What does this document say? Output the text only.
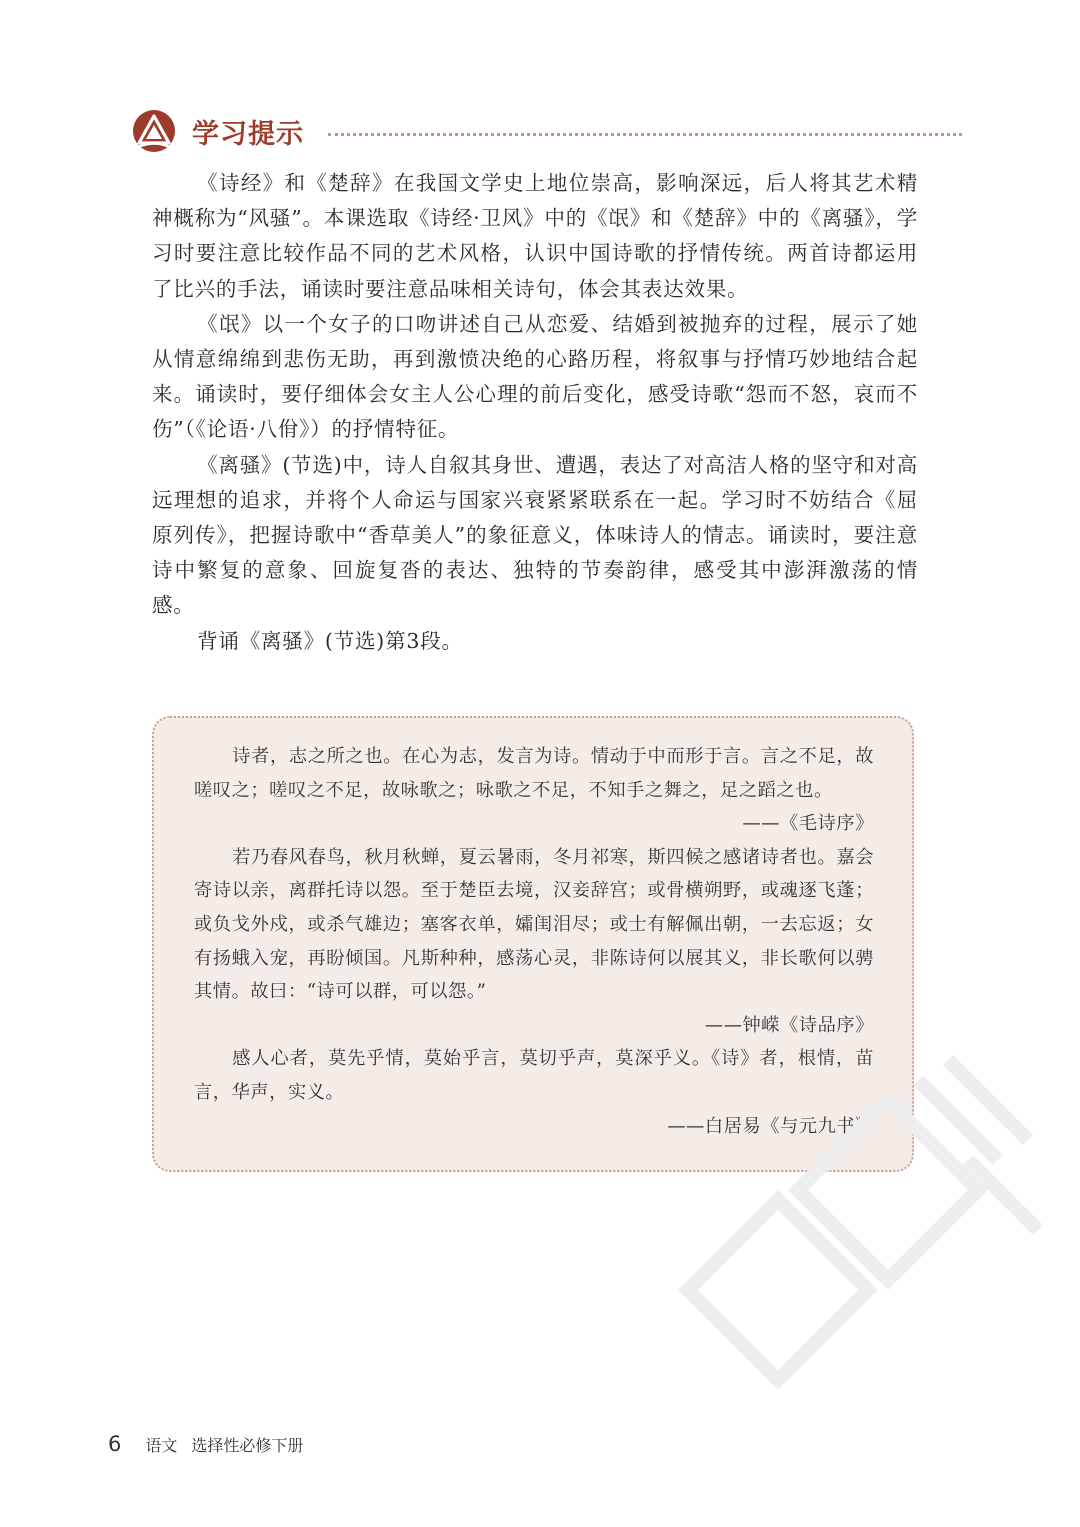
学习提示

《诗经》和《楚辞》在我国文学史上地位崇高，影响深远，后人将其艺术精神概称为“风骚”。本课选取《诗经·卫风》中的《氓》和《楚辞》中的《离骚》，学习时要注意比较作品不同的艺术风格，认识中国诗歌的抒情传统。两首诗都运用了比兴的手法，诵读时要注意品味相关诗句，体会其表达效果。

《氓》以一个女子的口吻讲述自己从恋爱、结婚到被抛弃的过程，展示了她从情意绵绵到悲伤无助，再到激愤决绝的心路历程，将叙事与抒情巧妙地结合起来。诵读时，要仔细体会女主人公心理的前后变化，感受诗歌“怨而不怒，哀而不伤”（《论语·八佾》）的抒情特征。

《离骚》(节选)中，诗人自叙其身世、遭遇，表达了对高洁人格的坚守和对高远理想的追求，并将个人命运与国家兴衰紧紧联系在一起。学习时不妨结合《屈原列传》，把握诗歌中“香草美人”的象征意义，体味诗人的情志。诵读时，要注意诗中繁复的意象、回旋复沓的表达、独特的节奏韵律，感受其中澎湃激荡的情感。

背诵《离骚》(节选)第3段。

诗者，志之所之也。在心为志，发言为诗。情动于中而形于言。言之不足，故嗟叹之；嗟叹之不足，故咏歌之；咏歌之不足，不知手之舞之，足之蹈之也。

——《毛诗序》

若乃春风春鸟，秋月秋蝉，夏云暑雨，冬月祁寒，斯四候之感诸诗者也。嘉会寄诗以亲，离群托诗以怨。至于楚臣去境，汉妾辞宫；或骨横朔野，或魂逐飞蓬；或负戈外戍，或杀气雄边；塞客衣单，孀闺泪尽；或士有解佩出朝，一去忘返；女有扬蛾入宠，再盼倾国。凡斯种种，感荡心灵，非陈诗何以展其义，非长歌何以骋其情。故曰：“诗可以群，可以怨。”

——钟嵘《诗品序》

感人心者，莫先乎情，莫始乎言，莫切乎声，莫深乎义。《诗》者，根情，苗言，华声，实义。

——白居易《与元九书》

6 语文 选择性必修下册
